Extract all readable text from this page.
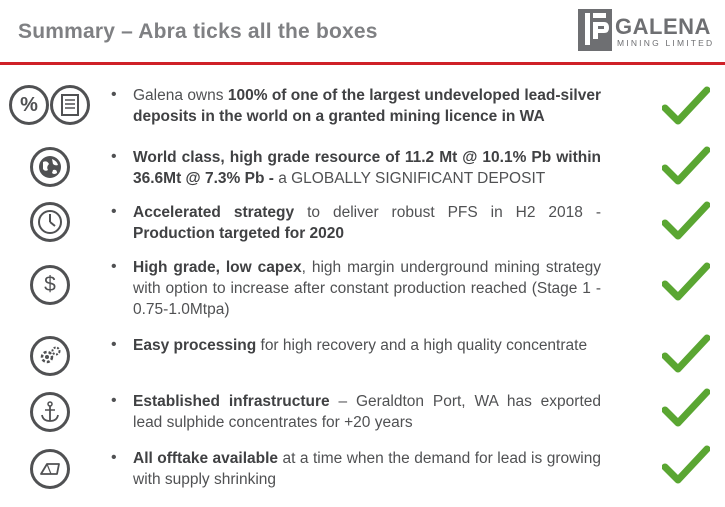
Summary – Abra ticks all the boxes	GALENA
MINING LIMITED
%	• Galena owns 100% of one of the largest undeveloped lead-silver deposits in the world on a granted mining licence in WA
• World class, high grade resource of 11.2 Mt @ 10.1% Pb within 36.6Mt @ 7.3% Pb - a GLOBALLY SIGNIFICANT DEPOSIT
• Accelerated strategy to deliver robust PFS in H2 2018 - Production targeted for 2020
$
• High grade, low capex, high margin underground mining strategy with option to increase after constant production reached (Stage 1 - 0.75-1.0Mtpa)
• Easy processing for high recovery and a high quality concentrate
• Established infrastructure – Geraldton Port, WA has exported lead sulphide concentrates for +20 years
• All offtake available at a time when the demand for lead is growing with supply shrinking
